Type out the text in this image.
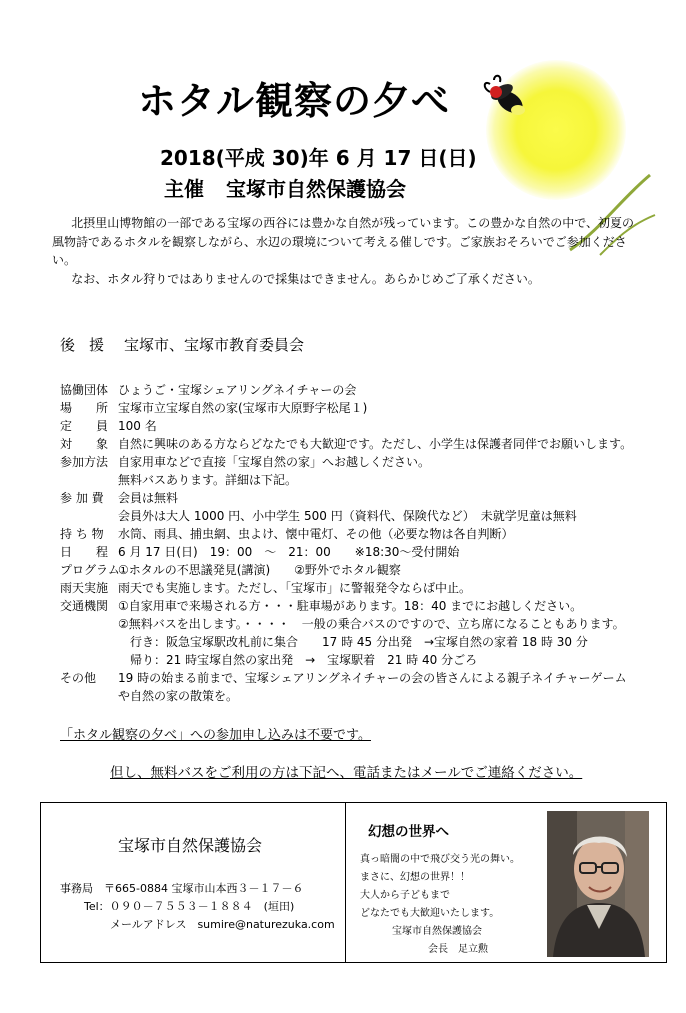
ホタル観察の夕べ
2018(平成 30)年 6 月 17 日(日)
主催 宝塚市自然保護協会

北摂里山博物館の一部である宝塚の西谷には豊かな自然が残っています。この豊かな自然の中で、初夏の

風物詩であるホタルを観察しながら、水辺の環境について考える催しです。ご家族おそろいでご参加くださ

い。

なお、ホタル狩りではありませんので採集はできません。あらかじめご了承ください。

後援 宝塚市、宝塚市教育委員会
協働団体 ひょうご・宝塚シェアリングネイチャーの会
場　　所 宝塚市立宝塚自然の家(宝塚市大原野字松尾１)
定　　員 100 名
対　　象 自然に興味のある方ならどなたでも大歓迎です。ただし、小学生は保護者同伴でお願いします。
参加方法 自家用車などで直接「宝塚自然の家」へお越しください。
無料バスあります。詳細は下記。
参 加 費	会員は無料
会員外は大人 1000 円、小中学生 500 円（資料代、保険代など）　未就学児童は無料
持 ち 物	水筒、雨具、捕虫網、虫よけ、懐中電灯、その他（必要な物は各自判断）
日　　程 6 月 17 日(日)　19：00　～　21：00　　※18:30～受付開始
プログラム
①ホタルの不思議発見(講演)　　②野外でホタル観察
雨天実施 雨天でも実施します。ただし、「宝塚市」に警報発令ならば中止。
交通機関 ①自家用車で来場される方・・・駐車場があります。18：40 までにお越しください。
②無料バスを出します。・・・・　一般の乗合バスのですので、立ち席になることもあります。
　行き：阪急宝塚駅改札前に集合　　17 時 45 分出発　→宝塚自然の家着 18 時 30 分
　帰り：21 時宝塚自然の家出発　→　宝塚駅着　21 時 40 分ごろ
その他	19 時の始まる前まで、宝塚シェアリングネイチャーの会の皆さんによる親子ネイチャーゲーム
や自然の家の散策を。
「ホタル観察の夕べ」への参加申し込みは不要です。
但し、無料バスをご利用の方は下記へ、電話またはメールでご連絡ください。
宝塚市自然保護協会
事務局　〒665-0884 宝塚市山本西３－１７－６
Tel：０９０－７５５３－１８８４　(垣田)
メールアドレス　sumire@naturezuka.com
幻想の世界へ
真っ暗闇の中で飛び交う光の舞い。
まさに、幻想の世界！！
大人から子どもまで
どなたでも大歓迎いたします。
宝塚市自然保護協会
会長　足立勲
